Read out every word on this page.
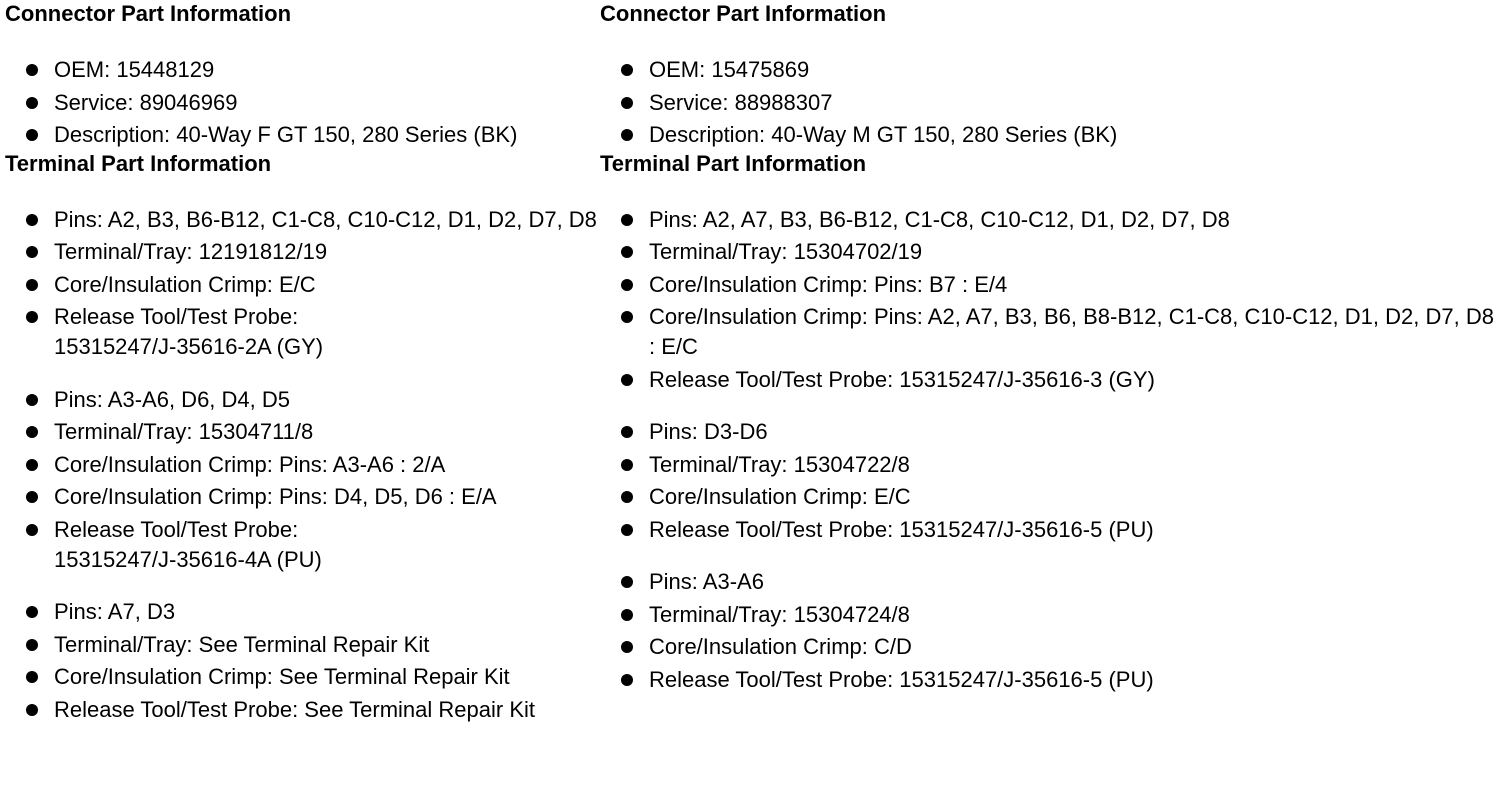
Connector Part Information
OEM: 15448129
Service: 89046969
Description: 40-Way F GT 150, 280 Series (BK)
Terminal Part Information
Pins: A2, B3, B6-B12, C1-C8, C10-C12, D1, D2, D7, D8
Terminal/Tray: 12191812/19
Core/Insulation Crimp: E/C
Release Tool/Test Probe: 15315247/J-35616-2A (GY)
Pins: A3-A6, D6, D4, D5
Terminal/Tray: 15304711/8
Core/Insulation Crimp: Pins: A3-A6 : 2/A
Core/Insulation Crimp: Pins: D4, D5, D6 : E/A
Release Tool/Test Probe: 15315247/J-35616-4A (PU)
Pins: A7, D3
Terminal/Tray: See Terminal Repair Kit
Core/Insulation Crimp: See Terminal Repair Kit
Release Tool/Test Probe: See Terminal Repair Kit
Connector Part Information
OEM: 15475869
Service: 88988307
Description: 40-Way M GT 150, 280 Series (BK)
Terminal Part Information
Pins: A2, A7, B3, B6-B12, C1-C8, C10-C12, D1, D2, D7, D8
Terminal/Tray: 15304702/19
Core/Insulation Crimp: Pins: B7 : E/4
Core/Insulation Crimp: Pins: A2, A7, B3, B6, B8-B12, C1-C8, C10-C12, D1, D2, D7, D8 : E/C
Release Tool/Test Probe: 15315247/J-35616-3 (GY)
Pins: D3-D6
Terminal/Tray: 15304722/8
Core/Insulation Crimp: E/C
Release Tool/Test Probe: 15315247/J-35616-5 (PU)
Pins: A3-A6
Terminal/Tray: 15304724/8
Core/Insulation Crimp: C/D
Release Tool/Test Probe: 15315247/J-35616-5 (PU)
